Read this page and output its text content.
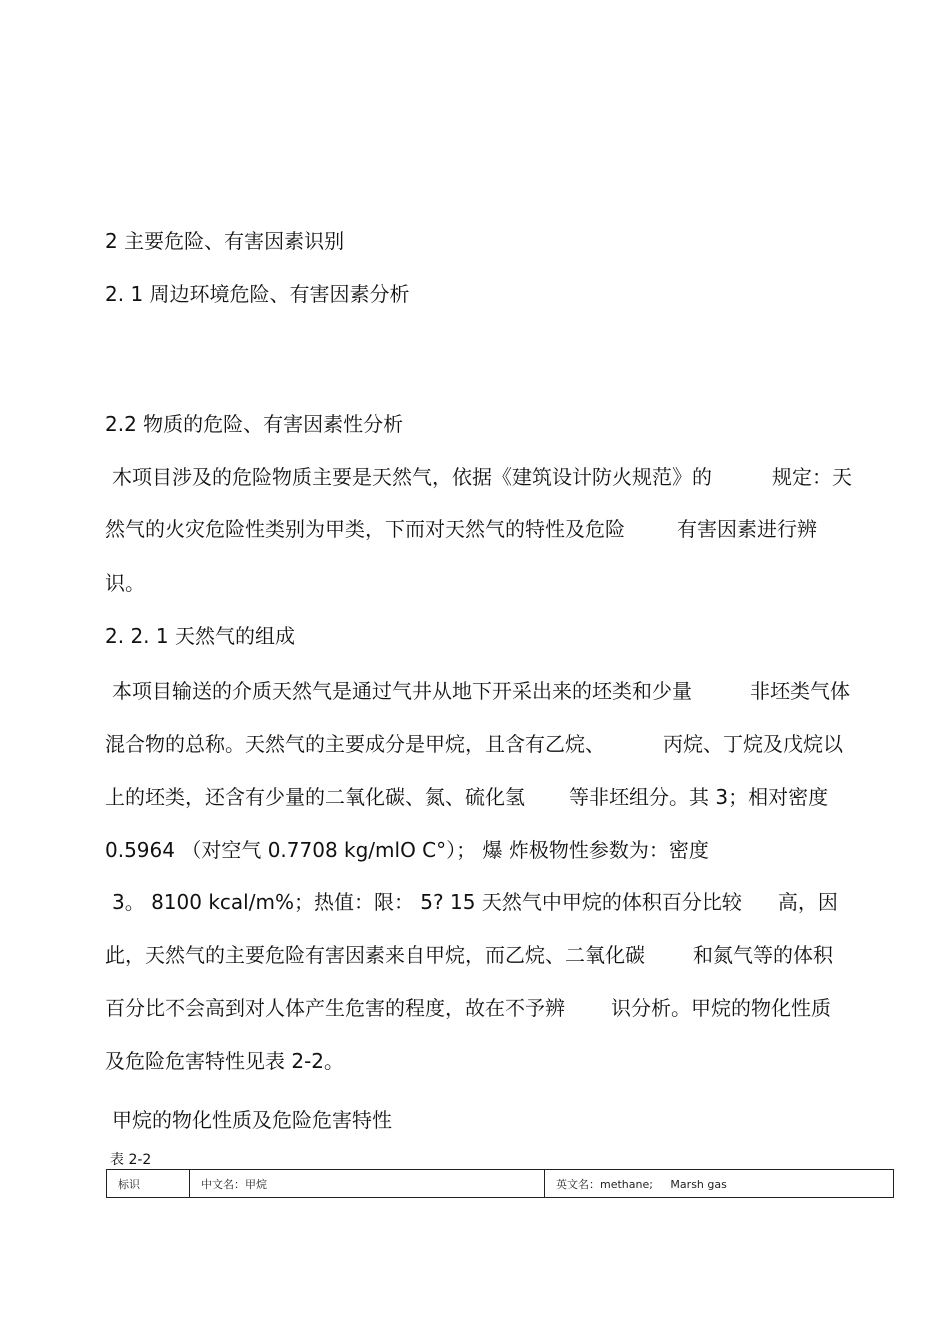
2 主要危险、有害因素识别
2. 1 周边环境危险、有害因素分析
2.2 物质的危险、有害因素性分析
木项目涉及的危险物质主要是天然气，依据《建筑设计防火规范》的	规定：天
然气的火灾危险性类别为甲类，下而对天然气的特性及危险	有害因素进行辨
识。
2. 2. 1 天然气的组成
本项目输送的介质天然气是通过气井从地下开采出来的坯类和少量	非坯类气体
混合物的总称。天然气的主要成分是甲烷，且含有乙烷、	丙烷、丁烷及戊烷以
上的坯类，还含有少量的二氧化碳、氮、硫化氢 等非坯组分。其 3；相对密度
0.5964 （对空气 0.7708 kg/mlO C°）； 爆 炸极物性参数为：密度
3。 8100 kcal/m%；热值：限： 5? 15 天然气中甲烷的体积百分比较 高，因
此，天然气的主要危险有害因素来自甲烷，而乙烷、二氧化碳 和氮气等的体积
百分比不会高到对人体产生危害的程度，故在不予辨 识分析。甲烷的物化性质
及危险危害特性见表 2-2。
甲烷的物化性质及危险危害特性
表 2-2
标识	中文名：甲烷	英文名：methane;     Marsh gas
